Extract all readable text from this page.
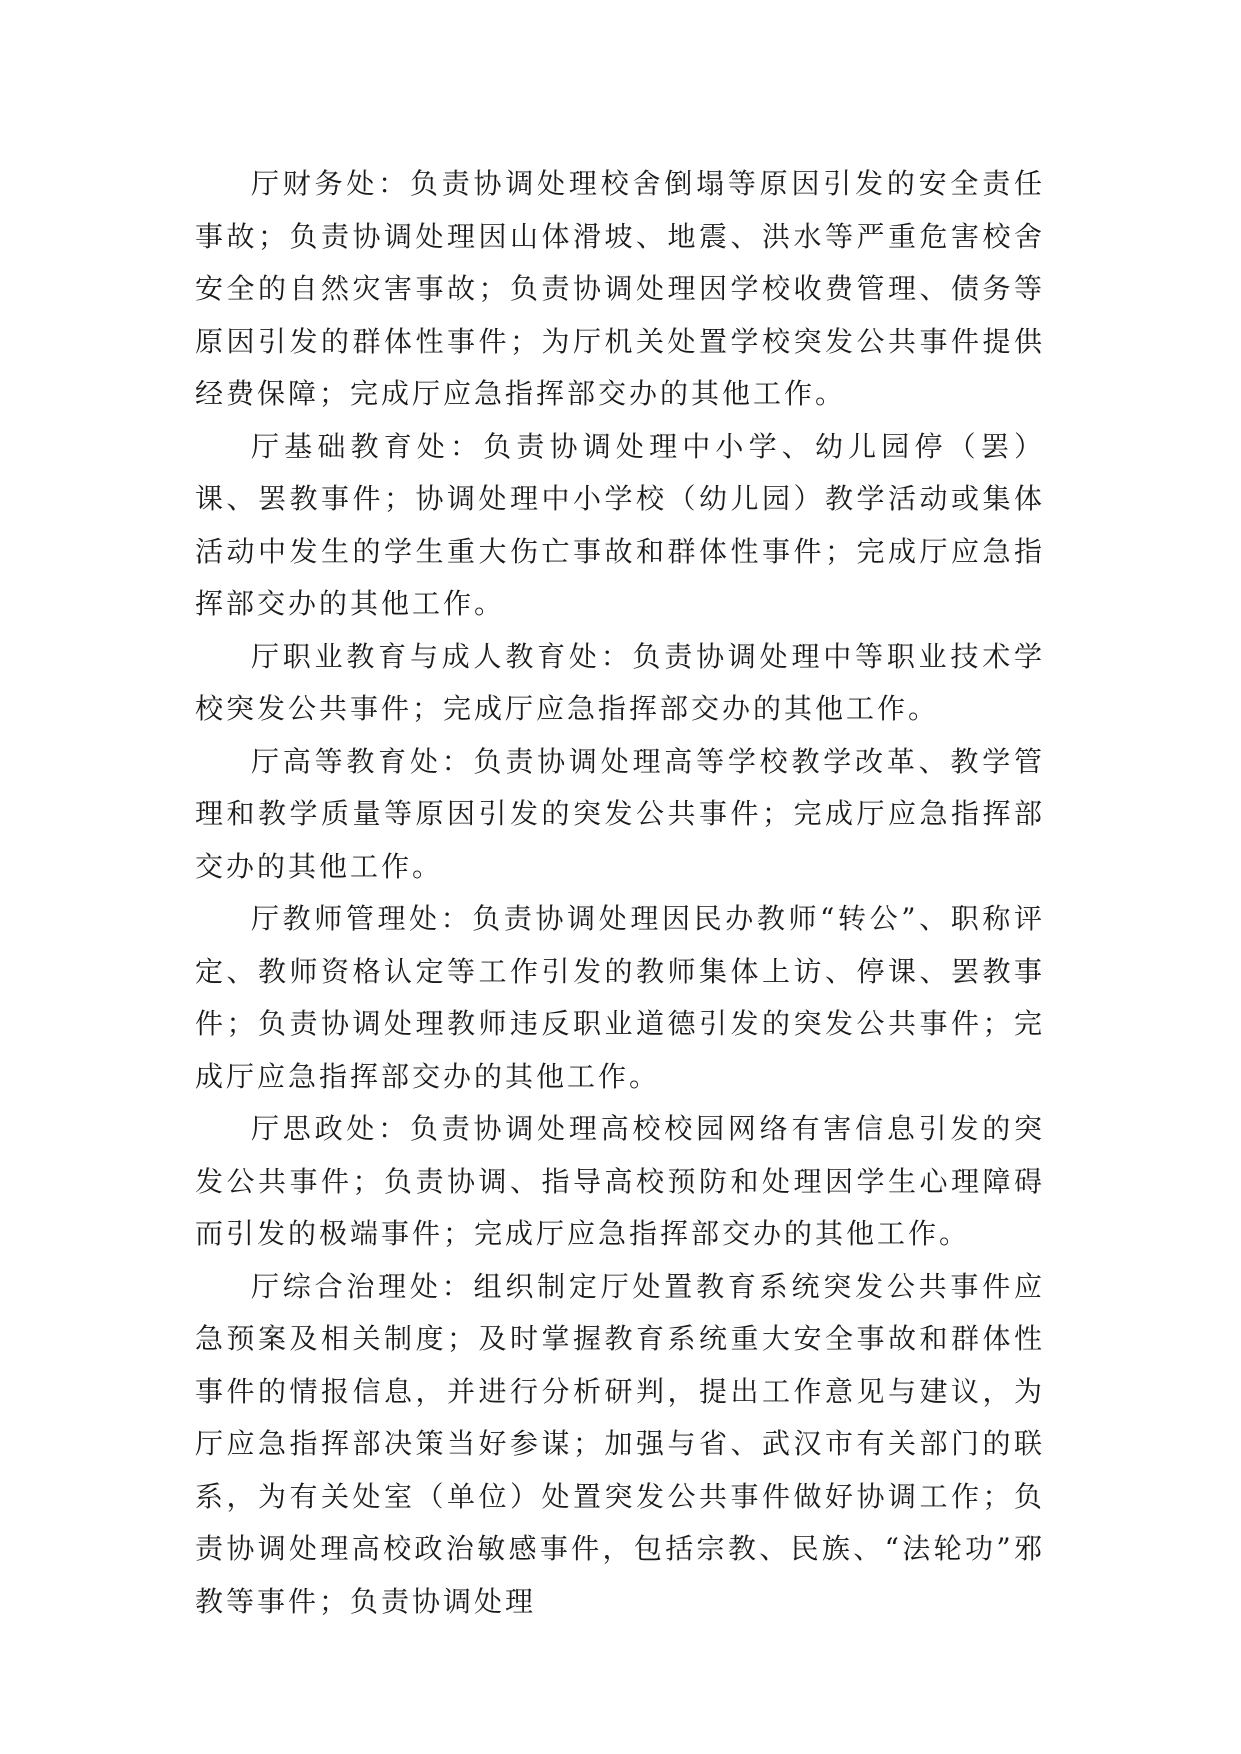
厅财务处：负责协调处理校舍倒塌等原因引发的安全责任事故；负责协调处理因山体滑坡、地震、洪水等严重危害校舍安全的自然灾害事故；负责协调处理因学校收费管理、债务等原因引发的群体性事件；为厅机关处置学校突发公共事件提供经费保障；完成厅应急指挥部交办的其他工作。

厅基础教育处：负责协调处理中小学、幼儿园停（罢）课、罢教事件；协调处理中小学校（幼儿园）教学活动或集体活动中发生的学生重大伤亡事故和群体性事件；完成厅应急指挥部交办的其他工作。

厅职业教育与成人教育处：负责协调处理中等职业技术学校突发公共事件；完成厅应急指挥部交办的其他工作。

厅高等教育处：负责协调处理高等学校教学改革、教学管理和教学质量等原因引发的突发公共事件；完成厅应急指挥部交办的其他工作。

厅教师管理处：负责协调处理因民办教师“转公”、职称评定、教师资格认定等工作引发的教师集体上访、停课、罢教事件；负责协调处理教师违反职业道德引发的突发公共事件；完成厅应急指挥部交办的其他工作。

厅思政处：负责协调处理高校校园网络有害信息引发的突发公共事件；负责协调、指导高校预防和处理因学生心理障碍而引发的极端事件；完成厅应急指挥部交办的其他工作。

厅综合治理处：组织制定厅处置教育系统突发公共事件应急预案及相关制度；及时掌握教育系统重大安全事故和群体性事件的情报信息，并进行分析研判，提出工作意见与建议，为厅应急指挥部决策当好参谋；加强与省、武汉市有关部门的联系，为有关处室（单位）处置突发公共事件做好协调工作；负责协调处理高校政治敏感事件，包括宗教、民族、“法轮功”邪教等事件；负责协调处理
